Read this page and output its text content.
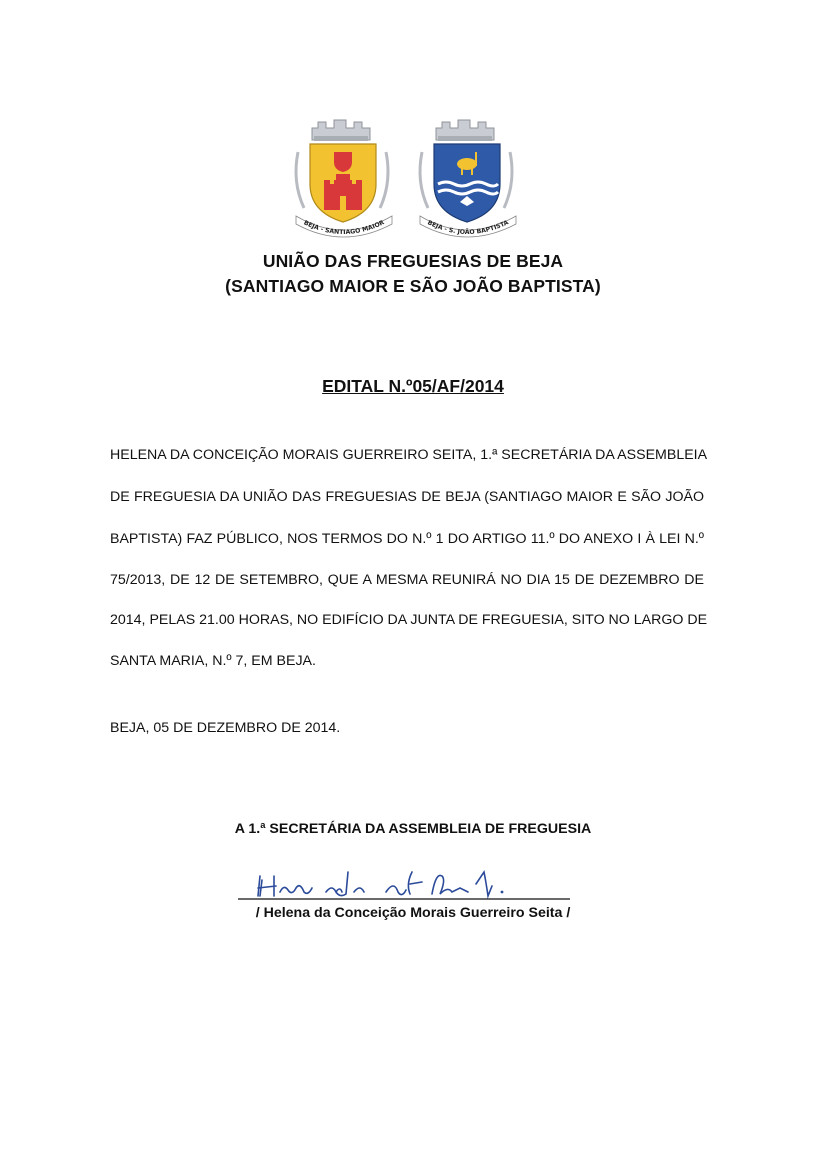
BEJA - SANTIAGO MAIOR	BEJA - S. JOÃO BAPTISTA
UNIÃO DAS FREGUESIAS DE BEJA
(SANTIAGO MAIOR E SÃO JOÃO BAPTISTA)
EDITAL N.º05/AF/2014
HELENA DA CONCEIÇÃO MORAIS GUERREIRO SEITA, 1.ª SECRETÁRIA DA ASSEMBLEIA
DE FREGUESIA DA UNIÃO DAS FREGUESIAS DE BEJA (SANTIAGO MAIOR E SÃO JOÃO
BAPTISTA) FAZ PÚBLICO, NOS TERMOS DO N.º 1 DO ARTIGO 11.º DO ANEXO I À LEI N.º
75/2013, DE 12 DE SETEMBRO, QUE A MESMA REUNIRÁ NO DIA 15 DE DEZEMBRO DE
2014, PELAS 21.00 HORAS, NO EDIFÍCIO DA JUNTA DE FREGUESIA, SITO NO LARGO DE
SANTA MARIA, N.º 7, EM BEJA.
BEJA, 05 DE DEZEMBRO DE 2014.
A 1.ª SECRETÁRIA DA ASSEMBLEIA DE FREGUESIA
/ Helena da Conceição Morais Guerreiro Seita /
